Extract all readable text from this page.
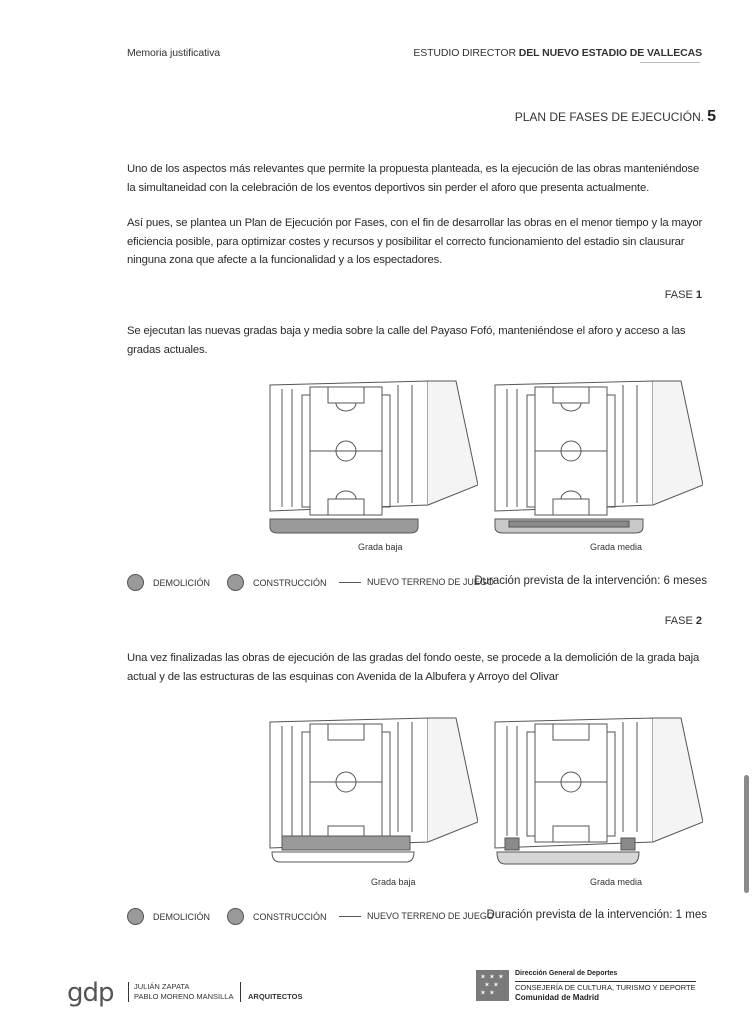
Memoria justificativa	ESTUDIO DIRECTOR DEL NUEVO ESTADIO DE VALLECAS
PLAN DE FASES DE EJECUCIÓN. 5

Uno de los aspectos más relevantes que permite la propuesta planteada, es la ejecución de las obras manteniéndose la simultaneidad con la celebración de los eventos deportivos sin perder el aforo que presenta actualmente.

Así pues, se plantea un Plan de Ejecución por Fases, con el fin de desarrollar las obras en el menor tiempo y la mayor eficiencia posible, para optimizar costes y recursos y posibilitar el correcto funcionamiento del estadio sin clausurar ninguna zona que afecte a la funcionalidad y a los espectadores.

FASE 1

Se ejecutan las nuevas gradas baja y media sobre la calle del Payaso Fofó, manteniéndose el aforo y acceso a las gradas actuales.

Grada baja	Grada media
DEMOLICIÓN	CONSTRUCCIÓN	NUEVO TERRENO DE JUEGO
Duración prevista de la intervención: 6 meses
FASE 2

Una vez finalizadas las obras de ejecución de las gradas del fondo oeste, se procede a la demolición de la grada baja actual y de las estructuras de las esquinas con Avenida de la Albufera y Arroyo del Olivar

Grada baja	Grada media
DEMOLICIÓN	CONSTRUCCIÓN	NUEVO TERRENO DE JUEGO
Duración prevista de la intervención: 1 mes
gdp	JULIÁN ZAPATA
PABLO MORENO MANSILLA ARQUITECTOS
✶ ✶ ✶
✶ ✶
✶ ✶
Dirección General de Deportes
CONSEJERÍA DE CULTURA, TURISMO Y DEPORTE
Comunidad de Madrid
